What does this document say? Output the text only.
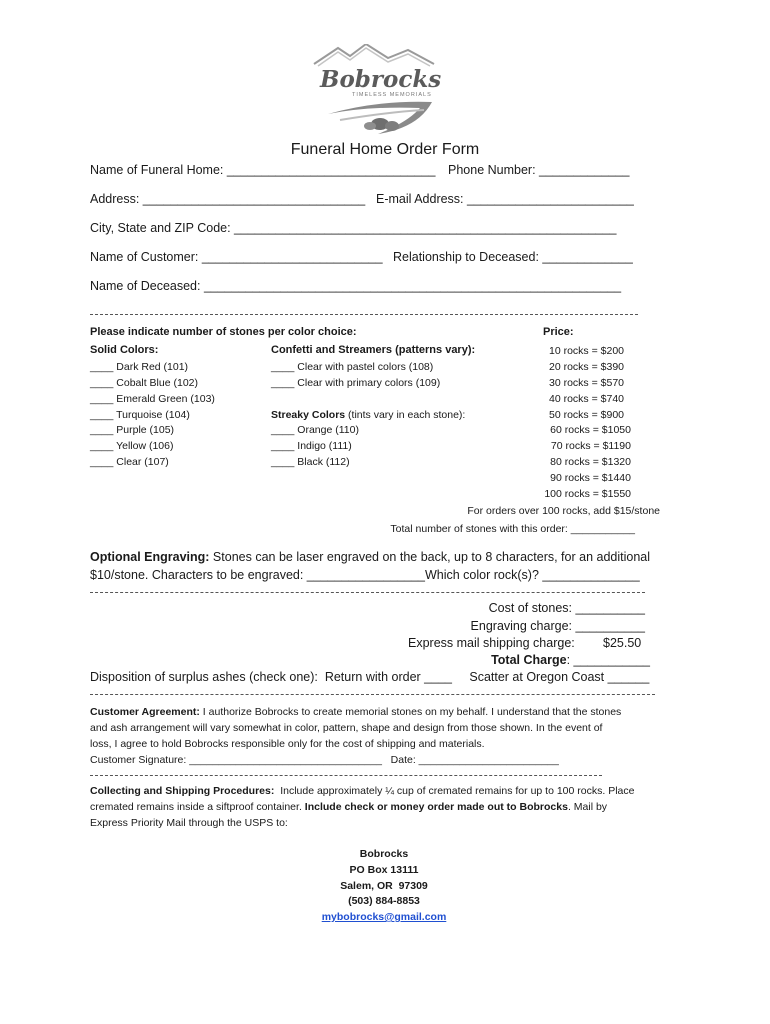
Bobrocks
TIMELESS MEMORIALS
Funeral Home Order Form
Name of Funeral Home: ______________________________ Phone Number: _____________
Address: ________________________________ E-mail Address: ________________________
City, State and ZIP Code: _______________________________________________________
Name of Customer: __________________________ Relationship to Deceased: _____________
Name of Deceased: ____________________________________________________________
Please indicate number of stones per color choice:	Price:
Solid Colors:	Confetti and Streamers (patterns vary):
____ Dark Red (101)
____ Cobalt Blue (102)
____ Emerald Green (103)
____ Turquoise (104)
____ Purple (105)
____ Yellow (106)
____ Clear (107)
____ Clear with pastel colors (108)
____ Clear with primary colors (109)
Streaky Colors (tints vary in each stone):
____ Orange (110)
____ Indigo (111)
____ Black (112)
10 rocks = $200
20 rocks = $390
30 rocks = $570
40 rocks = $740
50 rocks = $900
60 rocks = $1050
70 rocks = $1190
80 rocks = $1320
90 rocks = $1440
100 rocks = $1550
For orders over 100 rocks, add $15/stone
Total number of stones with this order: ___________
Optional Engraving: Stones can be laser engraved on the back, up to 8 characters, for an additional
$10/stone. Characters to be engraved: _________________Which color rock(s)? ______________
Cost of stones: __________
Engraving charge: __________
Express mail shipping charge: $25.50
Total Charge: ___________
Disposition of surplus ashes (check one):  Return with order ____     Scatter at Oregon Coast ______
Customer Agreement: I authorize Bobrocks to create memorial stones on my behalf. I understand that the stones
and ash arrangement will vary somewhat in color, pattern, shape and design from those shown. In the event of
loss, I agree to hold Bobrocks responsible only for the cost of shipping and materials.
Customer Signature: _________________________________   Date: ________________________
Collecting and Shipping Procedures:  Include approximately ¼ cup of cremated remains for up to 100 rocks. Place
cremated remains inside a siftproof container. Include check or money order made out to Bobrocks. Mail by
Express Priority Mail through the USPS to:
Bobrocks
PO Box 13111
Salem, OR  97309
(503) 884-8853
mybobrocks@gmail.com
